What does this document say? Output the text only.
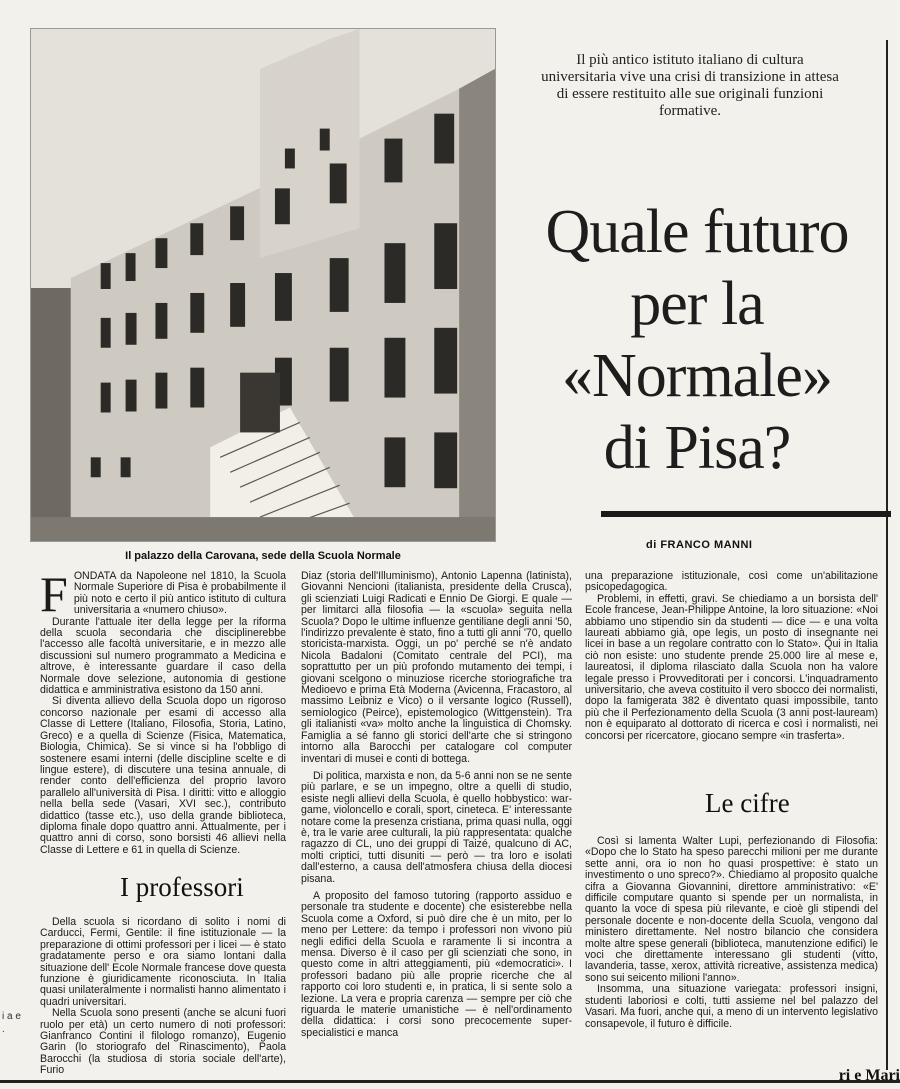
Il palazzo della Carovana, sede della Scuola Normale
Il più antico istituto italiano di cultura universitaria vive una crisi di transizione in attesa di essere restituito alle sue originali funzioni formative.
Quale futuro
per la
«Normale»
di Pisa?
di FRANCO MANNI
F ONDATA da Napoleone nel 1810, la Scuola Normale Superiore di Pisa è probabilmente il più noto e certo il più antico istituto di cultura universitaria a «numero chiuso».

Durante l'attuale iter della legge per la riforma della scuola secondaria che disciplinerebbe l'accesso alle facoltà universitarie, e in mezzo alle discussioni sul numero programmato a Medicina e altrove, è interessante guardare il caso della Normale dove selezione, autonomia di gestione didattica e amministrativa esistono da 150 anni.

Si diventa allievo della Scuola dopo un rigoroso concorso nazionale per esami di accesso alla Classe di Lettere (Italiano, Filosofia, Storia, Latino, Greco) e a quella di Scienze (Fisica, Matematica, Biologia, Chimica). Se si vince si ha l'obbligo di sostenere esami interni (delle discipline scelte e di lingue estere), di discutere una tesina annuale, di render conto dell'efficienza del proprio lavoro parallelo all'università di Pisa. I diritti: vitto e alloggio nella bella sede (Vasari, XVI sec.), contributo didattico (tasse etc.), uso della grande biblioteca, diploma finale dopo quattro anni. Attualmente, per i quattro anni di corso, sono borsisti 46 allievi nella Classe di Lettere e 61 in quella di Scienze.

I professori

Della scuola si ricordano di solito i nomi di Carducci, Fermi, Gentile: il fine istituzionale — la preparazione di ottimi professori per i licei — è stato gradatamente perso e ora siamo lontani dalla situazione dell' Ecole Normale francese dove questa funzione è giuridicamente riconosciuta. In Italia quasi unilateralmente i normalisti hanno alimentato i quadri universitari.

Nella Scuola sono presenti (anche se alcuni fuori ruolo per età) un certo numero di noti professori: Gianfranco Contini il filologo romanzo), Eugenio Garin (lo storiografo del Rinascimento), Paola Barocchi (la studiosa di storia sociale dell'arte), Furio

Diaz (storia dell'Illuminismo), Antonio Lapenna (latinista), Giovanni Nencioni (italianista, presidente della Crusca), gli scienziati Luigi Radicati e Ennio De Giorgi. E quale — per limitarci alla filosofia — la «scuola» seguita nella Scuola? Dopo le ultime influenze gentiliane degli anni '50, l'indirizzo prevalente è stato, fino a tutti gli anni '70, quello storicista-marxista. Oggi, un po' perché se n'è andato Nicola Badaloni (Comitato centrale del PCI), ma soprattutto per un più profondo mutamento dei tempi, i giovani scelgono o minuziose ricerche storiografiche tra Medioevo e prima Età Moderna (Avicenna, Fracastoro, al massimo Leibniz e Vico) o il versante logico (Russell), semiologico (Peirce), epistemologico (Wittgenstein). Tra gli italianisti «va» molto anche la linguistica di Chomsky. Famiglia a sé fanno gli storici dell'arte che si stringono intorno alla Barocchi per catalogare col computer inventari di musei e conti di bottega.

Di politica, marxista e non, da 5-6 anni non se ne sente più parlare, e se un impegno, oltre a quelli di studio, esiste negli allievi della Scuola, è quello hobbystico: war-game, violoncello e corali, sport, cineteca. E' interessante notare come la presenza cristiana, prima quasi nulla, oggi è, tra le varie aree culturali, la più rappresentata: qualche ragazzo di CL, uno dei gruppi di Taizé, qualcuno di AC, molti criptici, tutti disuniti — però — tra loro e isolati dall'esterno, a causa dell'atmosfera chiusa della diocesi pisana.

A proposito del famoso tutoring (rapporto assiduo e personale tra studente e docente) che esisterebbe nella Scuola come a Oxford, si può dire che è un mito, per lo meno per Lettere: da tempo i professori non vivono più negli edifici della Scuola e raramente li si incontra a mensa. Diverso è il caso per gli scienziati che sono, in questo come in altri atteggiamenti, più «democratici». I professori badano più alle proprie ricerche che al rapporto coi loro studenti e, in pratica, li si sente solo a lezione. La vera e propria carenza — sempre per ciò che riguarda le materie umanistiche — è nell'ordinamento della didattica: i corsi sono precocemente super-specialistici e manca

una preparazione istituzionale, così come un'abilitazione psicopedagogica.

Problemi, in effetti, gravi. Se chiediamo a un borsista dell' Ecole francese, Jean-Philippe Antoine, la loro situazione: «Noi abbiamo uno stipendio sin da studenti — dice — e una volta laureati abbiamo già, ope legis, un posto di insegnante nei licei in base a un regolare contratto con lo Stato». Qui in Italia ciò non esiste: uno studente prende 25.000 lire al mese e, laureatosi, il diploma rilasciato dalla Scuola non ha valore legale presso i Provveditorati per i concorsi. L'inquadramento universitario, che aveva costituito il vero sbocco dei normalisti, dopo la famigerata 382 è diventato quasi impossibile, tanto più che il Perfezionamento della Scuola (3 anni post-lauream) non è equiparato al dottorato di ricerca e così i normalisti, nei concorsi per ricercatore, giocano sempre «in trasferta».

Le cifre

Così si lamenta Walter Lupi, perfezionando di Filosofia: «Dopo che lo Stato ha speso parecchi milioni per me durante sette anni, ora io non ho quasi prospettive: è stato un investimento o uno spreco?». Chiediamo al proposito qualche cifra a Giovanna Giovannini, direttore amministrativo: «E' difficile computare quanto si spende per un normalista, in quanto la voce di spesa più rilevante, e cioè gli stipendi del personale docente e non-docente della Scuola, vengono dal ministero direttamente. Nel nostro bilancio che considera molte altre spese generali (biblioteca, manutenzione edifici) le voci che direttamente interessano gli studenti (vitto, lavanderia, tasse, xerox, attività ricreative, assistenza medica) sono sui seicento milioni l'anno».

Insomma, una situazione variegata: professori insigni, studenti laboriosi e colti, tutti assieme nel bel palazzo del Vasari. Ma fuori, anche qui, a meno di un intervento legislativo consapevole, il futuro è difficile.

i a e .
ri e Mari
